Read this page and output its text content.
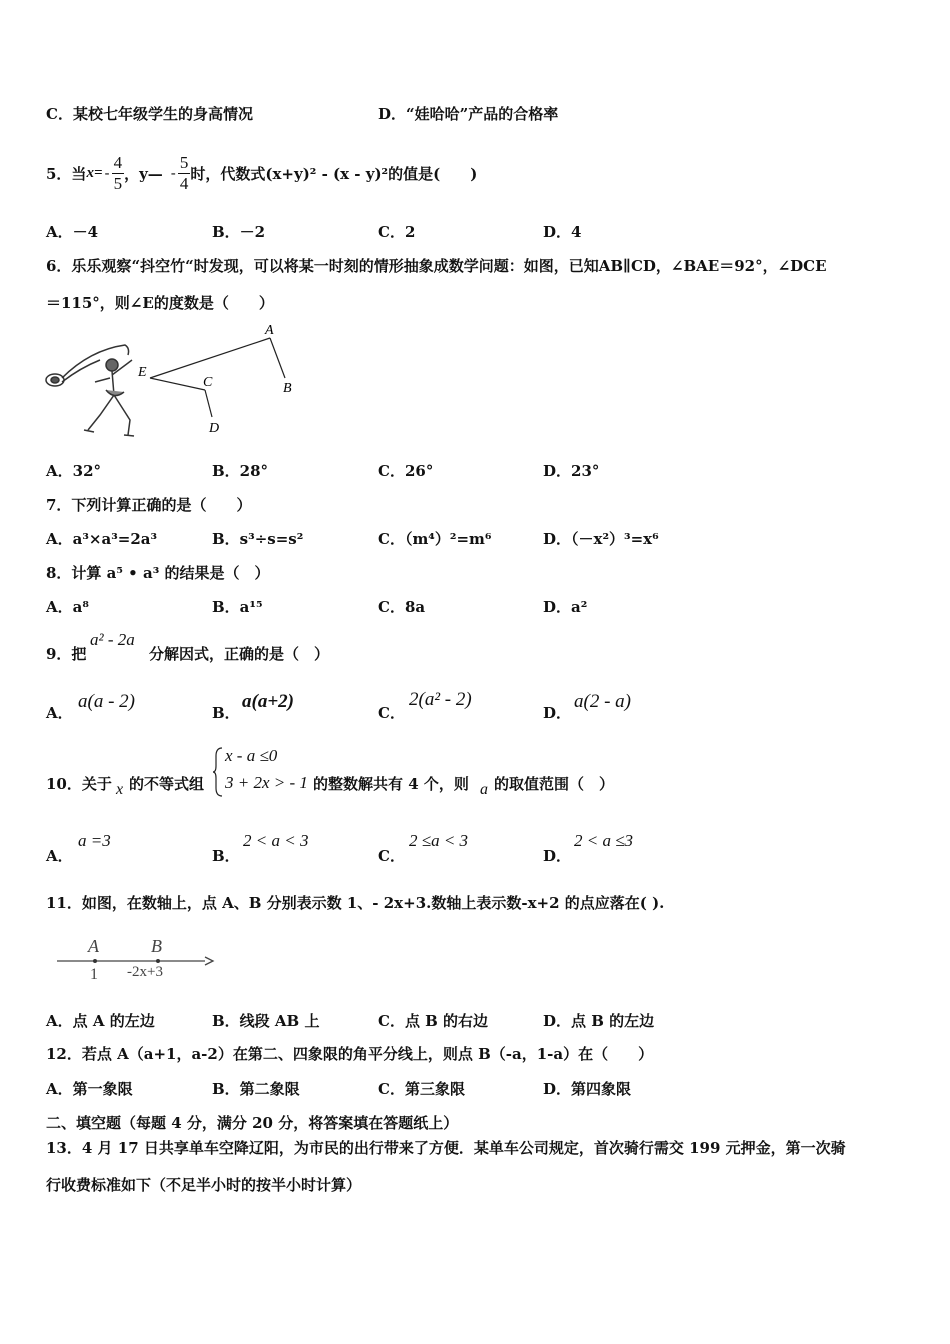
C．某校七年级学生的身高情况	D．“娃哈哈”产品的合格率
5．当 $x= - \frac{4}{5}$ ，y— - $\frac{5}{4}$ 时，代数式(x+y)² - (x - y)²的值是(　　)
A．－4	B．－2	C．2	D．4
6．乐乐观察“抖空竹“时发现，可以将某一时刻的情形抽象成数学问题：如图，已知AB∥CD，∠BAE＝92°，∠DCE
＝115°，则∠E的度数是（　　）
A
B
C
D
E
A．32°	B．28°	C．26°	D．23°
7．下列计算正确的是（　　）
A．a³×a³=2a³	B．s³÷s=s²	C．（m⁴）²=m⁶	D．（－x²）³=x⁶
8．计算 a⁵ • a³ 的结果是（　）
A．a⁸	B．a¹⁵	C．8a	D．a²
9．把
a² - 2a
分解因式，正确的是（　）
A．
a(a - 2)
B．
a(a+2)
C．
2(a² - 2)
D．
a(2 - a)
10．关于 x 的不等式组
x - a ≤0
3 + 2x > - 1 的整数解共有 4 个，则 a 的取值范围（　）
A．
a =3
B．
2 < a < 3
C．
2 ≤a < 3
D．
2 < a ≤3
11．如图，在数轴上，点 A、B 分别表示数 1、- 2x+3.数轴上表示数-x+2 的点应落在( ).
A	B
1 -2x+3
A．点 A 的左边	B．线段 AB 上	C．点 B 的右边	D．点 B 的左边
12．若点 A（a+1，a-2）在第二、四象限的角平分线上，则点 B（-a，1-a）在（　　）
A．第一象限	B．第二象限	C．第三象限	D．第四象限
二、填空题（每题 4 分，满分 20 分，将答案填在答题纸上）
13．4 月 17 日共享单车空降辽阳，为市民的出行带来了方便．某单车公司规定，首次骑行需交 199 元押金，第一次骑
行收费标准如下（不足半小时的按半小时计算）
